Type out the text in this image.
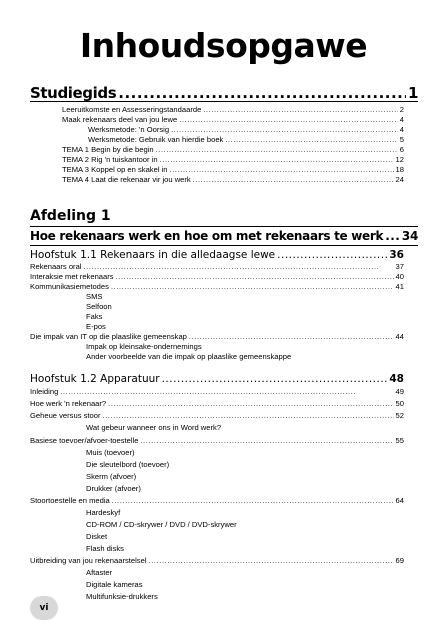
Inhoudsopgawe
Studiegids .....	1
Leeruitkomste en Assesseringstandaarde . . .	2
Maak rekenaars deel van jou lewe . . .	4
Werksmetode: 'n Oorsig . . .	4
Werksmetode: Gebruik van hierdie boek . . .	5
TEMA 1 Begin by die begin . . .	6
TEMA 2 Rig 'n tuiskantoor in . . .	12
TEMA 3 Koppel op en skakel in . . .	18
TEMA 4 Laat die rekenaar vir jou werk . . .	24
Afdeling 1
Hoe rekenaars werk en hoe om met rekenaars te werk ..... 34
Hoofstuk 1.1 Rekenaars in die alledaagse lewe .....	36
Rekenaars oral . . .	37
Interaksie met rekenaars . . .	40
Kommunikasiemetodes . . .	41
SMS
Selfoon
Faks
E-pos
Die impak van IT op die plaaslike gemeenskap . . .	44
Impak op kleinsake-ondernemings
Ander voorbeelde van die impak op plaaslike gemeenskappe
Hoofstuk 1.2 Apparatuur .....	48
Inleiding . . .	49
Hoe werk 'n rekenaar? . . .	50
Geheue versus stoor . . .	52
Wat gebeur wanneer ons in Word werk?
Basiese toevoer/afvoer-toestelle . . .	55
Muis (toevoer)
Die sleutelbord (toevoer)
Skerm (afvoer)
Drukker (afvoer)
Stoortoestelle en media . . .	64
Hardeskyf
CD-ROM / CD-skrywer / DVD / DVD-skrywer
Disket
Flash disks
Uitbreiding van jou rekenaarstelsel . . .	69
Aftaster
Digitale kameras
Multifunksie-drukkers
vi
